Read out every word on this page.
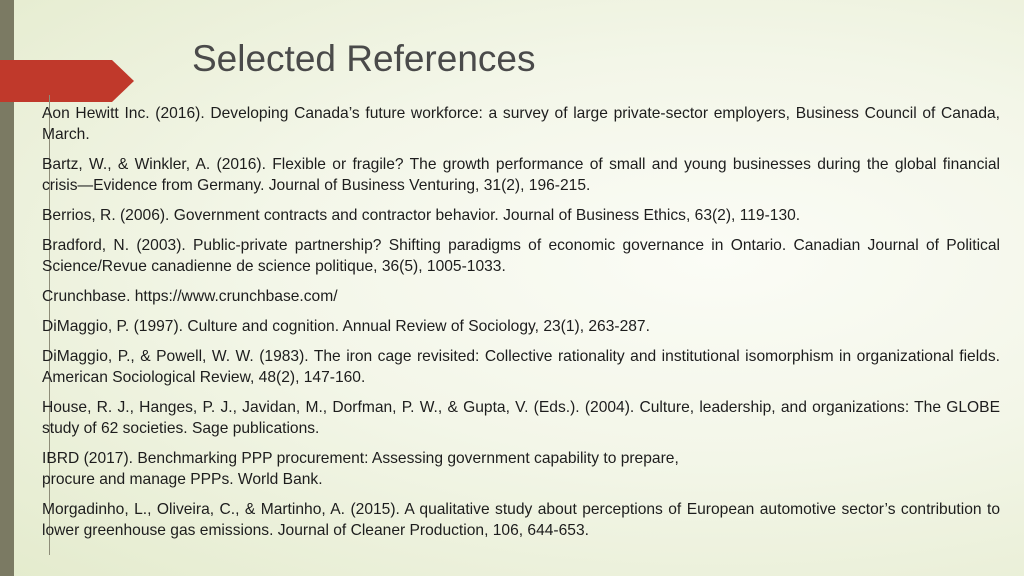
Selected References
Aon Hewitt Inc. (2016). Developing Canada’s future workforce: a survey of large private-sector employers, Business Council of Canada, March.
Bartz, W., & Winkler, A. (2016). Flexible or fragile? The growth performance of small and young businesses during the global financial crisis—Evidence from Germany. Journal of Business Venturing, 31(2), 196-215.
Berrios, R. (2006). Government contracts and contractor behavior. Journal of Business Ethics, 63(2), 119-130.
Bradford, N. (2003). Public-private partnership? Shifting paradigms of economic governance in Ontario. Canadian Journal of Political Science/Revue canadienne de science politique, 36(5), 1005-1033.
Crunchbase. https://www.crunchbase.com/
DiMaggio, P. (1997). Culture and cognition. Annual Review of Sociology, 23(1), 263-287.
DiMaggio, P., & Powell, W. W. (1983). The iron cage revisited: Collective rationality and institutional isomorphism in organizational fields. American Sociological Review, 48(2), 147-160.
House, R. J., Hanges, P. J., Javidan, M., Dorfman, P. W., & Gupta, V. (Eds.). (2004). Culture, leadership, and organizations: The GLOBE study of 62 societies. Sage publications.
IBRD (2017). Benchmarking PPP procurement: Assessing government capability to prepare, procure and manage PPPs. World Bank.
Morgadinho, L., Oliveira, C., & Martinho, A. (2015). A qualitative study about perceptions of European automotive sector’s contribution to lower greenhouse gas emissions. Journal of Cleaner Production, 106, 644-653.
